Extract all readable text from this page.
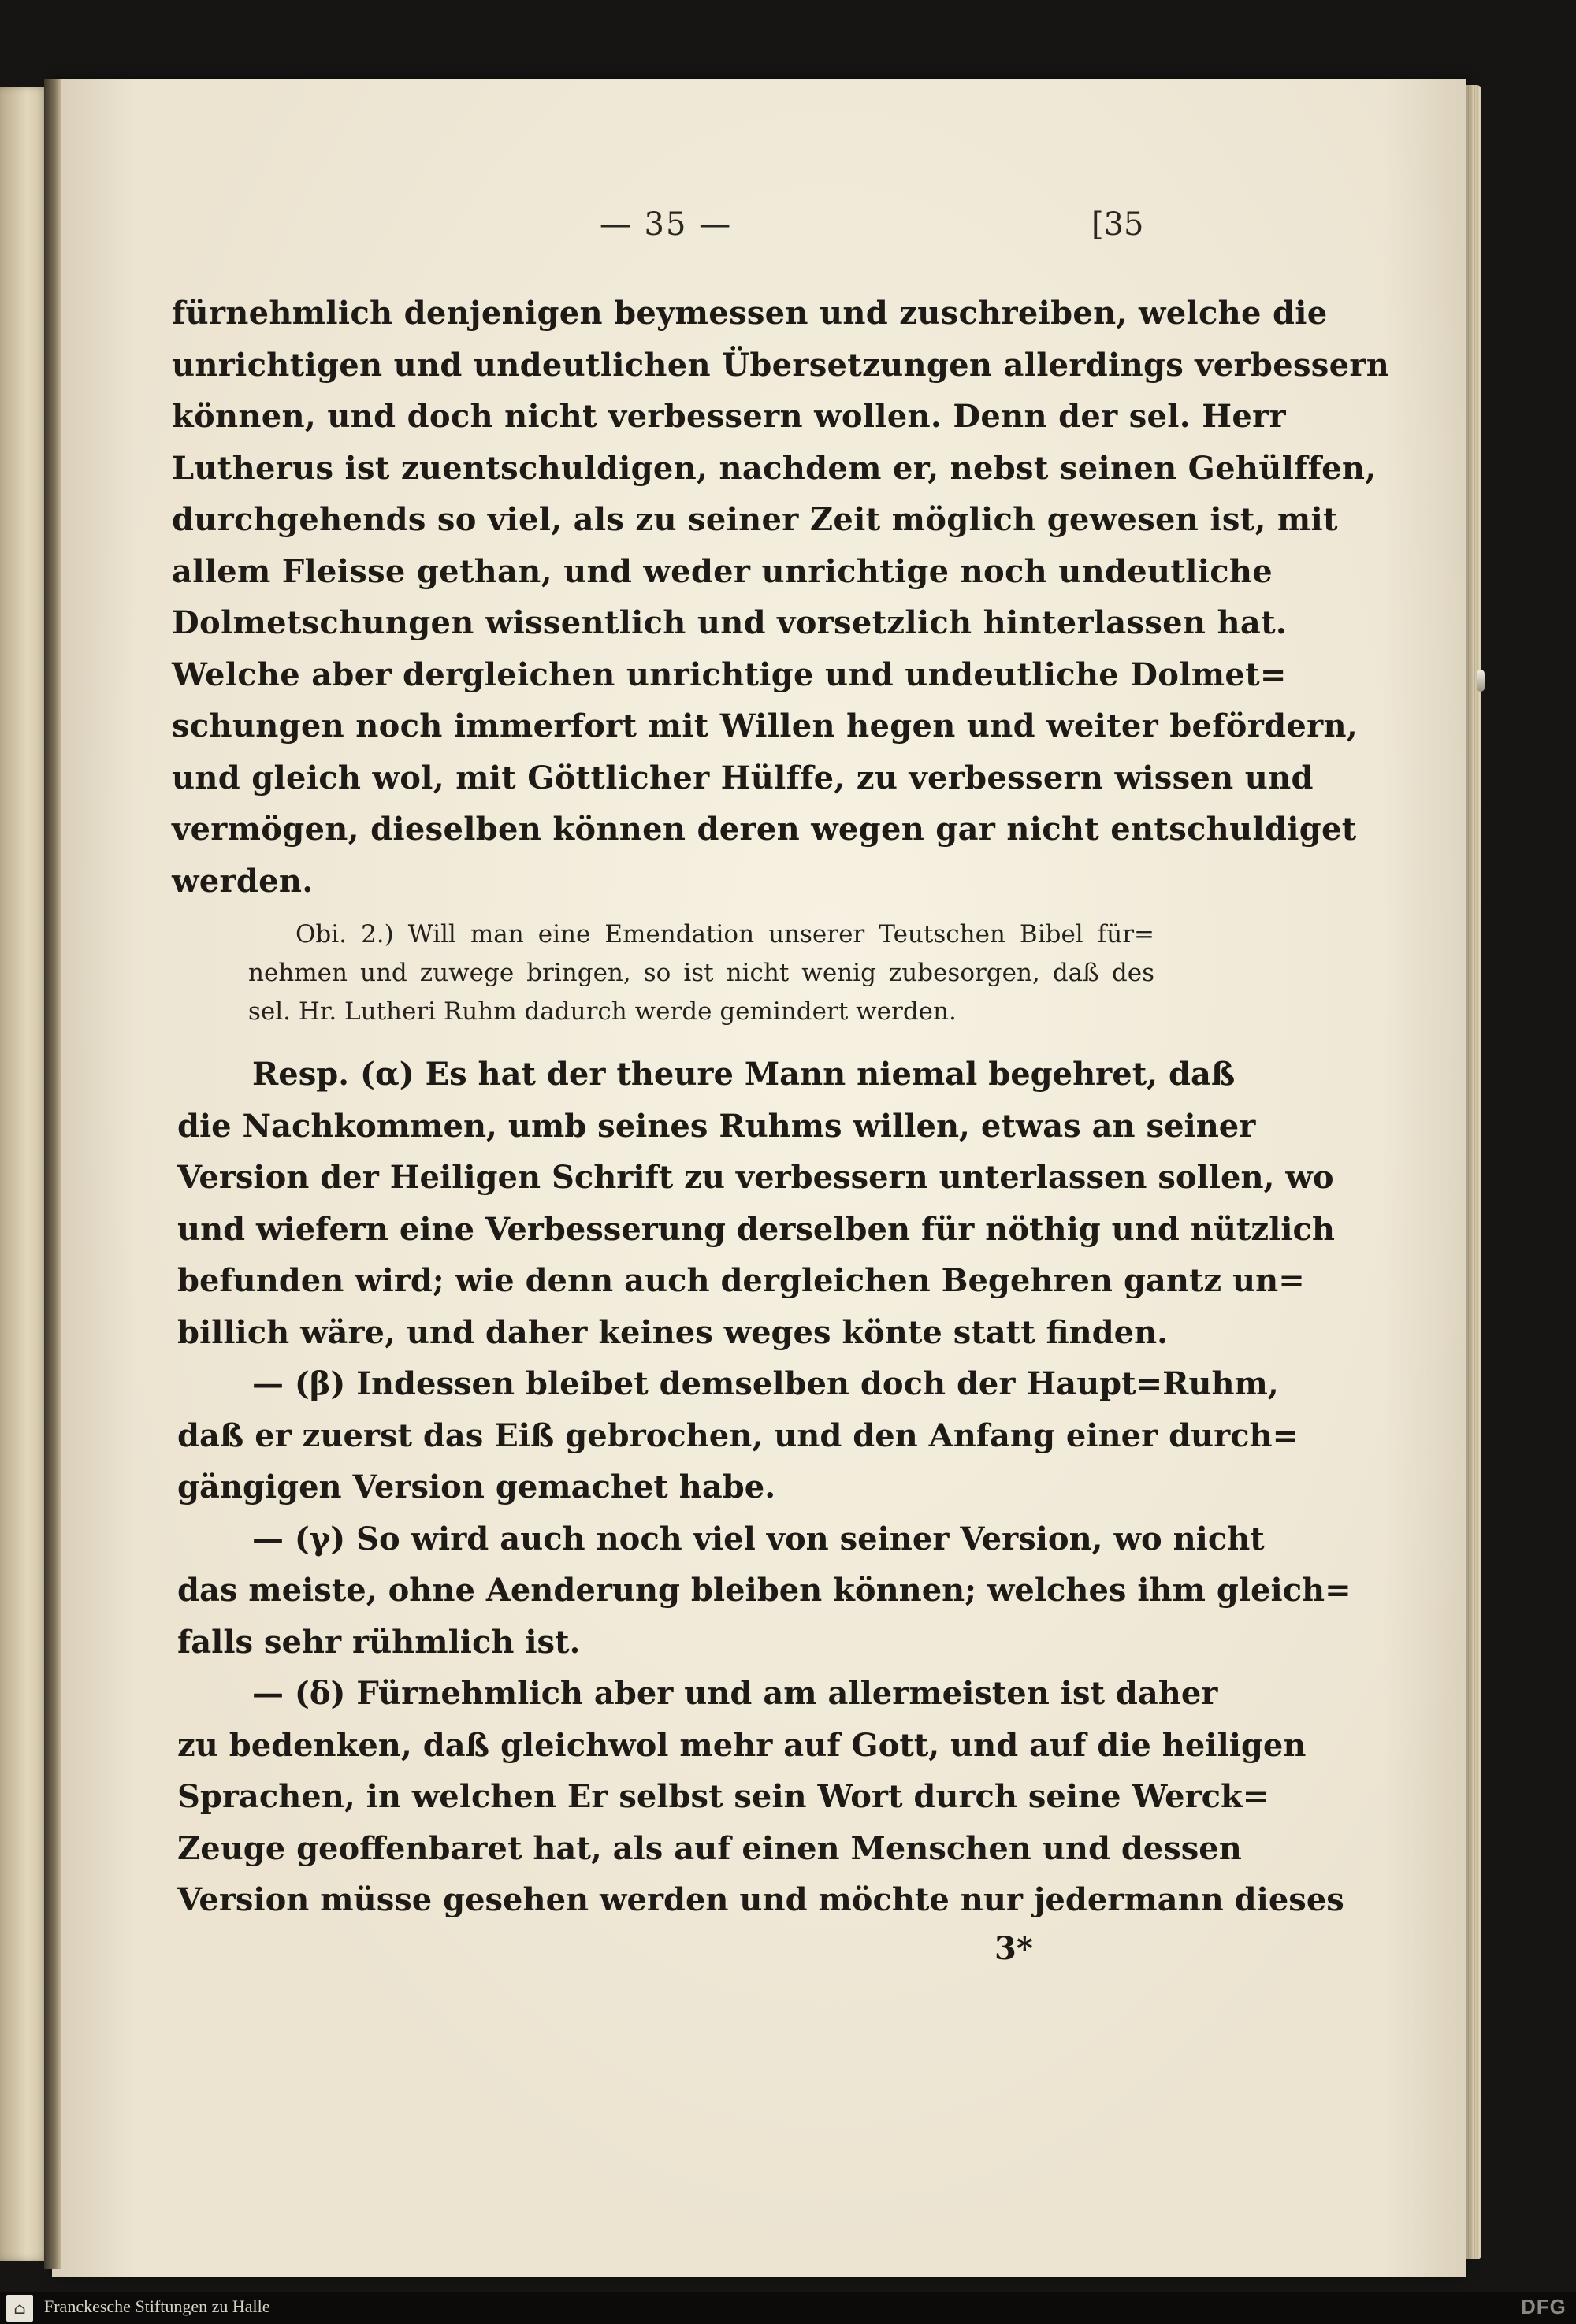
— 35 —	[35
fürnehmlich denjenigen beymessen und zuschreiben, welche die
unrichtigen und undeutlichen Übersetzungen allerdings verbessern
können, und doch nicht verbessern wollen. Denn der sel. Herr
Lutherus ist zuentschuldigen, nachdem er, nebst seinen Gehülffen,
durchgehends so viel, als zu seiner Zeit möglich gewesen ist, mit
allem Fleisse gethan, und weder unrichtige noch undeutliche
Dolmetschungen wissentlich und vorsetzlich hinterlassen hat.
Welche aber dergleichen unrichtige und undeutliche Dolmet=
schungen noch immerfort mit Willen hegen und weiter befördern,
und gleich wol, mit Göttlicher Hülffe, zu verbessern wissen und
vermögen, dieselben können deren wegen gar nicht entschuldiget
werden.
Obi. 2.) Will man eine Emendation unserer Teutschen Bibel für=
nehmen und zuwege bringen, so ist nicht wenig zubesorgen, daß des
sel. Hr. Lutheri Ruhm dadurch werde gemindert werden.
Resp. (α) Es hat der theure Mann niemal begehret, daß
die Nachkommen, umb seines Ruhms willen, etwas an seiner
Version der Heiligen Schrift zu verbessern unterlassen sollen, wo
und wiefern eine Verbesserung derselben für nöthig und nützlich
befunden wird; wie denn auch dergleichen Begehren gantz un=
billich wäre, und daher keines weges könte statt finden.
— (β) Indessen bleibet demselben doch der Haupt=Ruhm,
daß er zuerst das Eiß gebrochen, und den Anfang einer durch=
gängigen Version gemachet habe.
— (γ) So wird auch noch viel von seiner Version, wo nicht
das meiste, ohne Aenderung bleiben können; welches ihm gleich=
falls sehr rühmlich ist.
— (δ) Fürnehmlich aber und am allermeisten ist daher
zu bedenken, daß gleichwol mehr auf Gott, und auf die heiligen
Sprachen, in welchen Er selbst sein Wort durch seine Werck=
Zeuge geoffenbaret hat, als auf einen Menschen und dessen
Version müsse gesehen werden und möchte nur jedermann dieses
3*
⌂	Franckesche Stiftungen zu Halle	DFG
